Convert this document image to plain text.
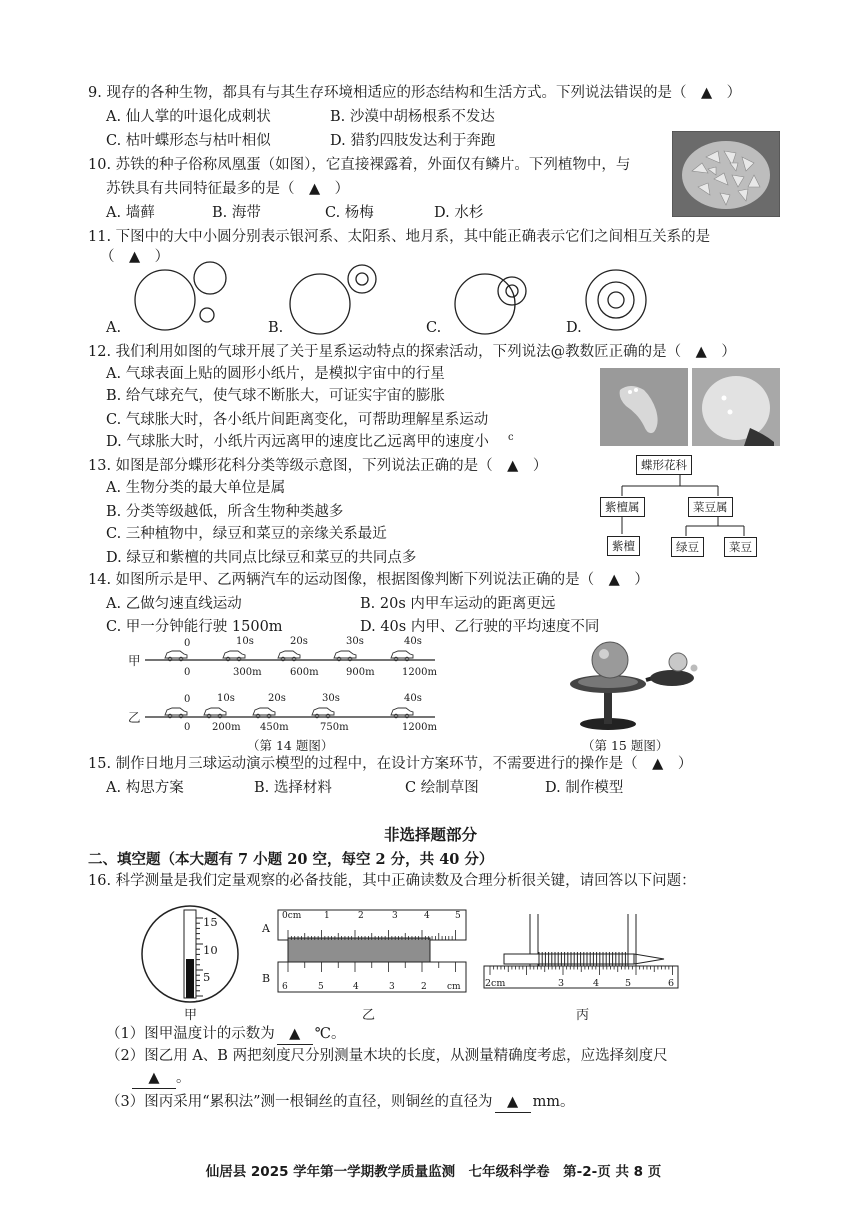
9. 现存的各种生物，都具有与其生存环境相适应的形态结构和生活方式。下列说法错误的是（　▲　）
A. 仙人掌的叶退化成刺状	B. 沙漠中胡杨根系不发达
C. 枯叶蝶形态与枯叶相似	D. 猎豹四肢发达利于奔跑
10. 苏铁的种子俗称凤凰蛋（如图），它直接裸露着，外面仅有鳞片。下列植物中，与
苏铁具有共同特征最多的是（　▲　）
A. 墙藓	B. 海带	C. 杨梅	D. 水杉
11. 下图中的大中小圆分别表示银河系、太阳系、地月系，其中能正确表示它们之间相互关系的是
（　▲　）
A.	B.	C.	D.
12. 我们利用如图的气球开展了关于星系运动特点的探索活动，下列说法@教数匠正确的是（　▲　）
A. 气球表面上贴的圆形小纸片，是模拟宇宙中的行星
B. 给气球充气，使气球不断胀大，可证实宇宙的膨胀
C. 气球胀大时，各小纸片间距离变化，可帮助理解星系运动
D. 气球胀大时，小纸片丙远离甲的速度比乙远离甲的速度小 c
13. 如图是部分蝶形花科分类等级示意图，下列说法正确的是（　▲　）
A. 生物分类的最大单位是属
B. 分类等级越低，所含生物种类越多
C. 三种植物中，绿豆和菜豆的亲缘关系最近
D. 绿豆和紫檀的共同点比绿豆和菜豆的共同点多
蝶形花科
紫檀属	菜豆属
紫檀	绿豆	菜豆
14. 如图所示是甲、乙两辆汽车的运动图像，根据图像判断下列说法正确的是（　▲　）
A. 乙做匀速直线运动	B. 20s 内甲车运动的距离更远
C. 甲一分钟能行驶 1500m	D. 40s 内甲、乙行驶的平均速度不同
甲
0	10s	20s	30s	40s
0	300m	600m	900m	1200m
乙
0	10s	20s	30s	40s
0 200m 450m	750m	1200m
（第 14 题图）	（第 15 题图）
15. 制作日地月三球运动演示模型的过程中，在设计方案环节，不需要进行的操作是（　▲　）
A. 构思方案	B. 选择材料	C 绘制草图	D. 制作模型
非选择题部分
二、填空题（本大题有 7 小题 20 空，每空 2 分，共 40 分）
16. 科学测量是我们定量观察的必备技能，其中正确读数及合理分析很关键，请回答以下问题：
15
10
5
A
B
0cm	1	2	3	4	5
6	5	4	3	2 cm	2cm	3	4	5	6
甲	乙	丙
（1）图甲温度计的示数为 ▲ ℃。
（2）图乙用 A、B 两把刻度尺分别测量木块的长度，从测量精确度考虑，应选择刻度尺
▲ 。
（3）图丙采用“累积法”测一根铜丝的直径，则铜丝的直径为 ▲ mm。
仙居县 2025 学年第一学期教学质量监测　七年级科学卷　第-2-页 共 8 页
